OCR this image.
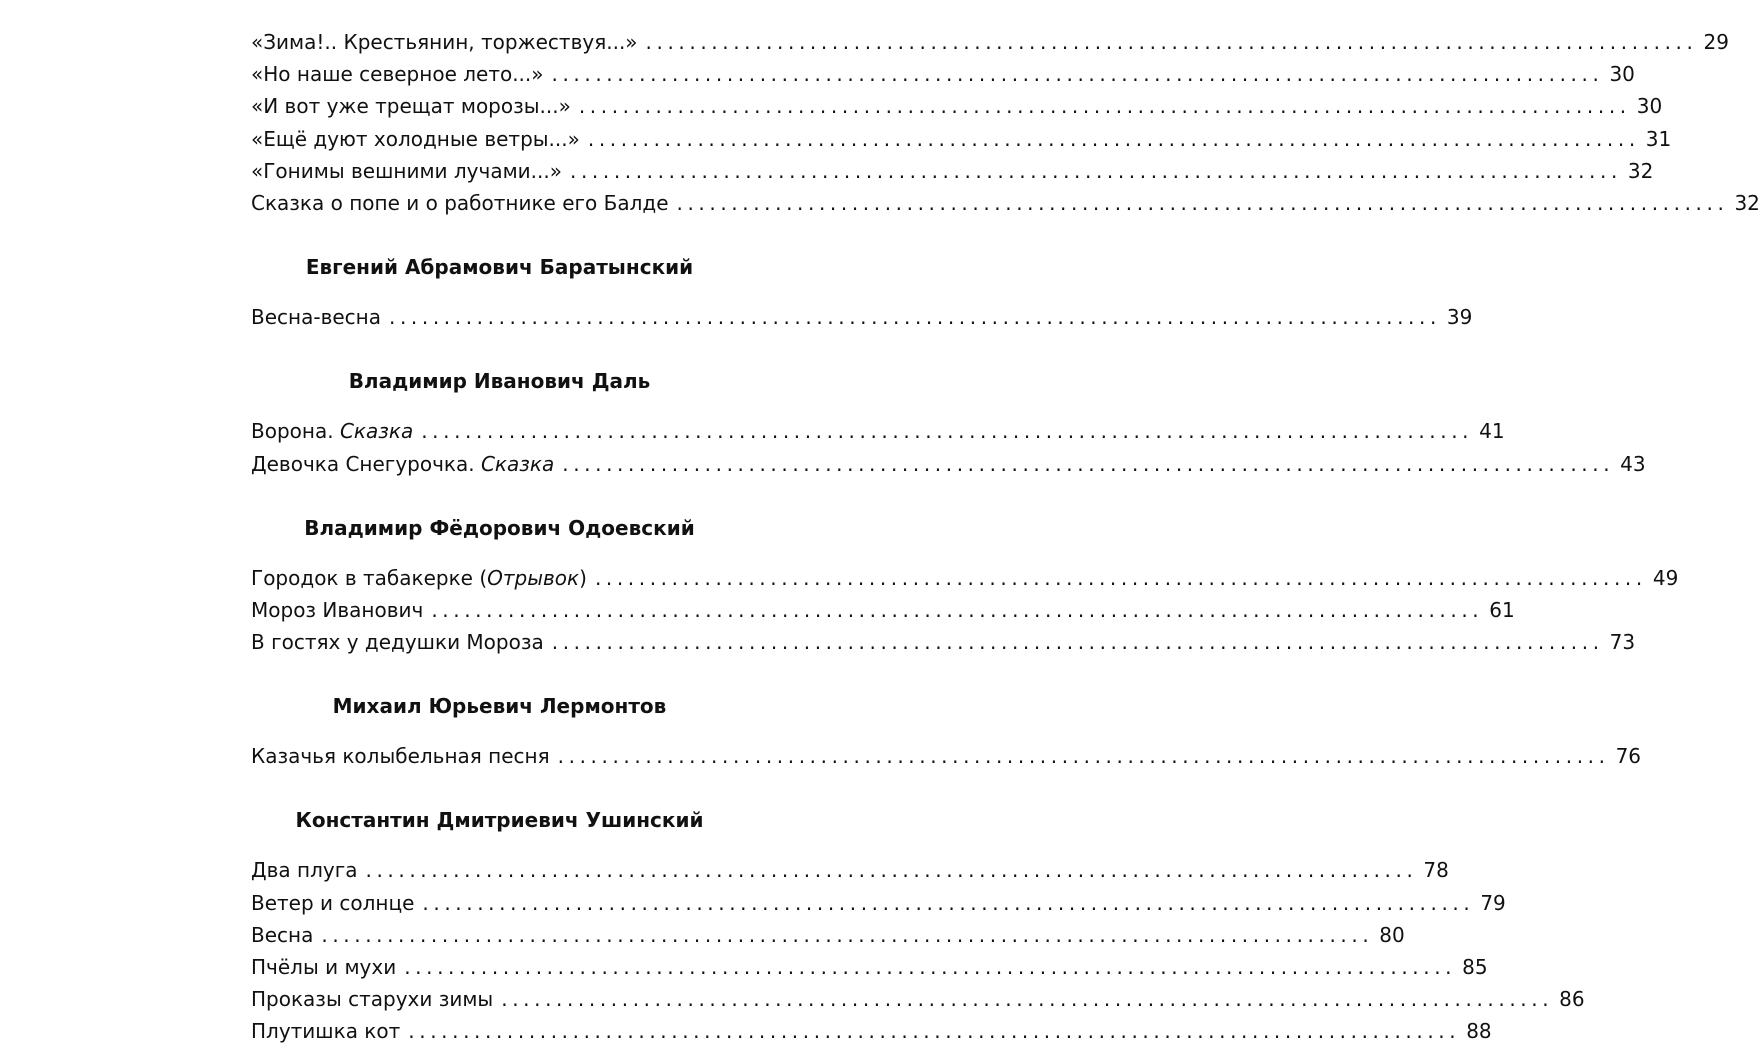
«Зима!.. Крестьянин, торжествуя...» ................................................................................................ 29
«Но наше северное лето...» ................................................................................................ 30
«И вот уже трещат морозы...» ................................................................................................ 30
«Ещё дуют холодные ветры...» ................................................................................................ 31
«Гонимы вешними лучами...» ................................................................................................ 32
Сказка о попе и о работнике его Балде ................................................................................................ 32
Евгений Абрамович Баратынский
Весна-весна ................................................................................................ 39
Владимир Иванович Даль
Ворона. Сказка ................................................................................................ 41
Девочка Снегурочка. Сказка ................................................................................................ 43
Владимир Фёдорович Одоевский
Городок в табакерке (Отрывок) ................................................................................................ 49
Мороз Иванович ................................................................................................ 61
В гостях у дедушки Мороза ................................................................................................ 73
Михаил Юрьевич Лермонтов
Казачья колыбельная песня ................................................................................................ 76
Константин Дмитриевич Ушинский
Два плуга ................................................................................................ 78
Ветер и солнце ................................................................................................ 79
Весна ................................................................................................ 80
Пчёлы и мухи ................................................................................................ 85
Проказы старухи зимы ................................................................................................ 86
Плутишка кот ................................................................................................ 88
